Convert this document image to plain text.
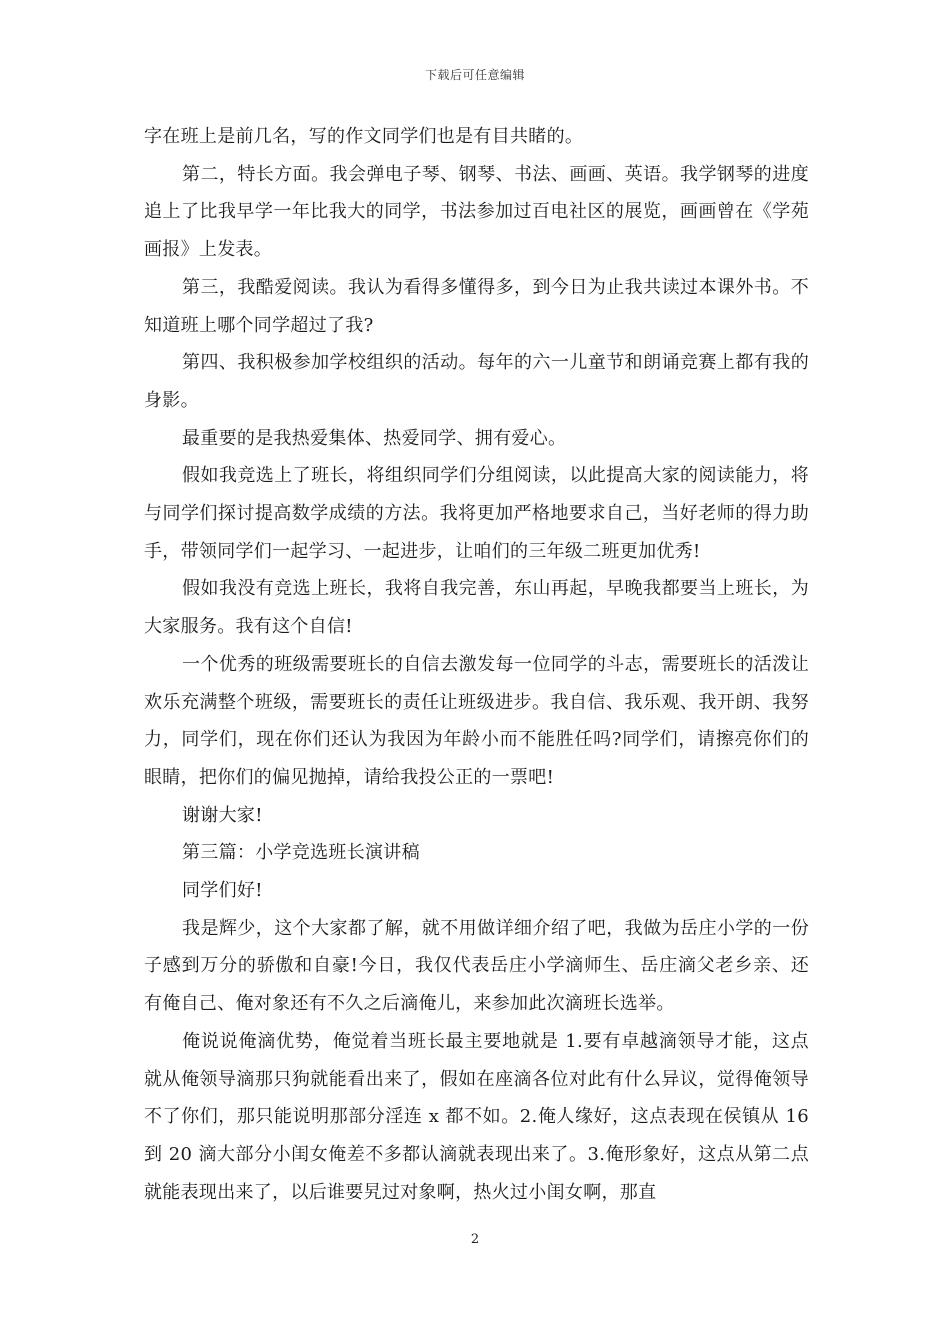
下载后可任意编辑

字在班上是前几名，写的作文同学们也是有目共睹的。

第二，特长方面。我会弹电子琴、钢琴、书法、画画、英语。我学钢琴的进度追上了比我早学一年比我大的同学，书法参加过百电社区的展览，画画曾在《学苑画报》上发表。

第三，我酷爱阅读。我认为看得多懂得多，到今日为止我共读过本课外书。不知道班上哪个同学超过了我?

第四、我积极参加学校组织的活动。每年的六一儿童节和朗诵竞赛上都有我的身影。

最重要的是我热爱集体、热爱同学、拥有爱心。

假如我竞选上了班长，将组织同学们分组阅读，以此提高大家的阅读能力，将与同学们探讨提高数学成绩的方法。我将更加严格地要求自己，当好老师的得力助手，带领同学们一起学习、一起进步，让咱们的三年级二班更加优秀!

假如我没有竞选上班长，我将自我完善，东山再起，早晚我都要当上班长，为大家服务。我有这个自信!

一个优秀的班级需要班长的自信去激发每一位同学的斗志，需要班长的活泼让欢乐充满整个班级，需要班长的责任让班级进步。我自信、我乐观、我开朗、我努力，同学们，现在你们还认为我因为年龄小而不能胜任吗?同学们，请擦亮你们的眼睛，把你们的偏见抛掉，请给我投公正的一票吧!

谢谢大家!

第三篇：小学竞选班长演讲稿

同学们好!

我是辉少，这个大家都了解，就不用做详细介绍了吧，我做为岳庄小学的一份子感到万分的骄傲和自豪!今日，我仅代表岳庄小学滴师生、岳庄滴父老乡亲、还有俺自己、俺对象还有不久之后滴俺儿，来参加此次滴班长选举。

俺说说俺滴优势，俺觉着当班长最主要地就是 1.要有卓越滴领导才能，这点就从俺领导滴那只狗就能看出来了，假如在座滴各位对此有什么异议，觉得俺领导不了你们，那只能说明那部分淫连 x 都不如。2.俺人缘好，这点表现在侯镇从 16 到 20 滴大部分小闺女俺差不多都认滴就表现出来了。3.俺形象好，这点从第二点就能表现出来了，以后谁要旯过对象啊，热火过小闺女啊，那直

2
